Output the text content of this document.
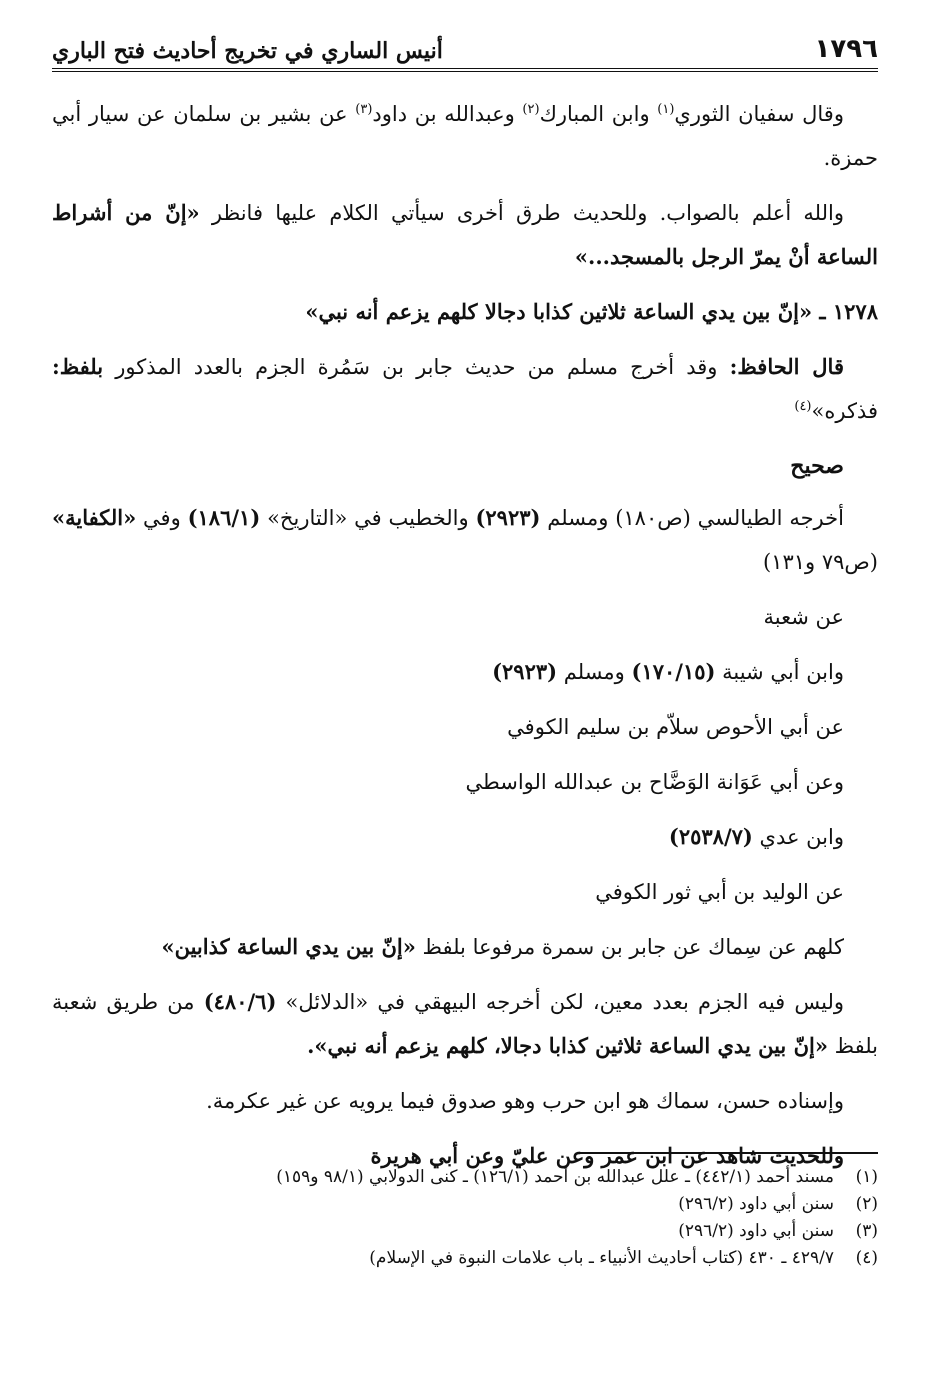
١٧٩٦
أنيس الساري في تخريج أحاديث فتح الباري

وقال سفيان الثوري$^{(١)}$ وابن المبارك$^{(٢)}$ وعبدالله بن داود$^{(٣)}$ عن بشير بن سلمان عن سيار أبي حمزة.

والله أعلم بالصواب. وللحديث طرق أخرى سيأتي الكلام عليها فانظر «إنّ من أشراط الساعة أنْ يمرّ الرجل بالمسجد...»

١٢٧٨ ـ «إنّ بين يدي الساعة ثلاثين كذابا دجالا كلهم يزعم أنه نبي»

قال الحافظ: وقد أخرج مسلم من حديث جابر بن سَمُرة الجزم بالعدد المذكور بلفظ: فذكره»$^{(٤)}$

صحيح

أخرجه الطيالسي (ص١٨٠) ومسلم (٢٩٢٣) والخطيب في «التاريخ» (١٨٦/١) وفي «الكفاية» (ص٧٩ و١٣١)

عن شعبة

وابن أبي شيبة (١٧٠/١٥) ومسلم (٢٩٢٣)

عن أبي الأحوص سلاّم بن سليم الكوفي

وعن أبي عَوَانة الوَضَّاح بن عبدالله الواسطي

وابن عدي (٢٥٣٨/٧)

عن الوليد بن أبي ثور الكوفي

كلهم عن سِماك عن جابر بن سمرة مرفوعا بلفظ «إنّ بين يدي الساعة كذابين»

وليس فيه الجزم بعدد معين، لكن أخرجه البيهقي في «الدلائل» (٤٨٠/٦) من طريق شعبة بلفظ «إنّ بين يدي الساعة ثلاثين كذابا دجالا، كلهم يزعم أنه نبي».

وإسناده حسن، سماك هو ابن حرب وهو صدوق فيما يرويه عن غير عكرمة.

وللحديث شاهد عن ابن عمر وعن عليّ وعن أبي هريرة

(١)
مسند أحمد (٤٤٢/١) ـ علل عبدالله بن أحمد (١٢٦/١) ـ كنى الدولابي (٩٨/١ و١٥٩)
(٢)
سنن أبي داود (٢٩٦/٢)
(٣)
سنن أبي داود (٢٩٦/٢)
(٤)
٤٢٩/٧ ـ ٤٣٠ (كتاب أحاديث الأنبياء ـ باب علامات النبوة في الإسلام)
